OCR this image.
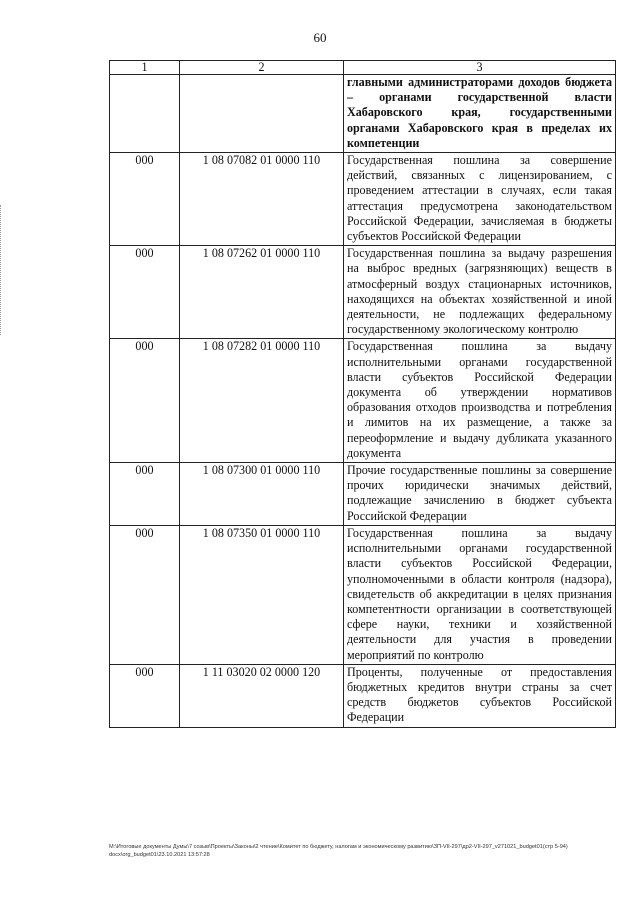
60
1	2	3
		главными администраторами доходов бюджета – органами государственной власти Хабаровского края, государственными органами Хабаровского края в пределах их компетенции
000	1 08 07082 01 0000 110	Государственная пошлина за совершение действий, связанных с лицензированием, с проведением аттестации в случаях, если такая аттестация предусмотрена законодательством Российской Федерации, зачисляемая в бюджеты субъектов Российской Федерации
000	1 08 07262 01 0000 110	Государственная пошлина за выдачу разрешения на выброс вредных (загрязняющих) веществ в атмосферный воздух стационарных источников, находящихся на объектах хозяйственной и иной деятельности, не подлежащих федеральному государственному экологическому контролю
000	1 08 07282 01 0000 110	Государственная пошлина за выдачу исполнительными органами государственной власти субъектов Российской Федерации документа об утверждении нормативов образования отходов производства и потребления и лимитов на их размещение, а также за переоформление и выдачу дубликата указанного документа
000	1 08 07300 01 0000 110	Прочие государственные пошлины за совершение прочих юридически значимых действий, подлежащие зачислению в бюджет субъекта Российской Федерации
000	1 08 07350 01 0000 110	Государственная пошлина за выдачу исполнительными органами государственной власти субъектов Российской Федерации, уполномоченными в области контроля (надзора), свидетельств об аккредитации в целях признания компетентности организации в соответствующей сфере науки, техники и хозяйственной деятельности для участия в проведении мероприятий по контролю
000	1 11 03020 02 0000 120	Проценты, полученные от предоставления бюджетных кредитов внутри страны за счет средств бюджетов субъектов Российской Федерации
М:\Итоговые документы Думы\7 созыв\Проекты\Законы\2 чтение\Комитет по бюджету, налогам и экономическому развитию\ЗП-VII-297\др2-VII-297_v271021_budget01(стр 5-94) docx\org_budget01\23.10.2021 13:57:28
